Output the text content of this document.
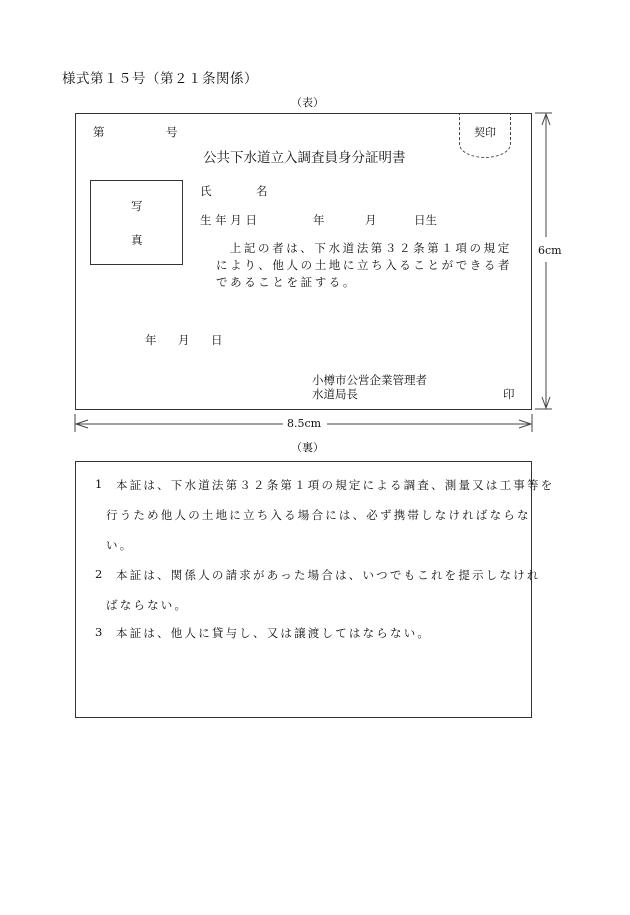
様式第１５号（第２１条関係）
（表）
第	号	契印
公共下水道立入調査員身分証明書
写
真
氏	名
生 年 月 日	年	月	日生
上記の者は、下水道法第３２条第１項の規定により、他人の土地に立ち入ることができる者であることを証する。
年 月 日
小樽市公営企業管理者
水道局長	印
6cm
8.5cm
（裏）
1 本証は、下水道法第３２条第１項の規定による調査、測量又は工事等を
行うため他人の土地に立ち入る場合には、必ず携帯しなければならな
い。
2 本証は、関係人の請求があった場合は、いつでもこれを提示しなけれ
ばならない。
3 本証は、他人に貸与し、又は譲渡してはならない。
